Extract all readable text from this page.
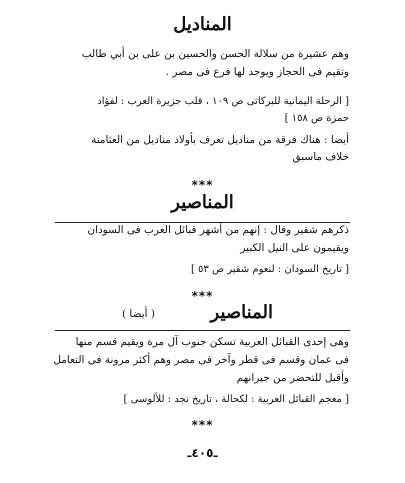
المناديل
وهم عشيرة من سلالة الحسن والحسين بن على بن أبي طالب
وتقيم فى الحجاز ويوجد لها فرع فى مصر .
[ الرحلة اليمانية للبركاتى ص ١٠٩ ، قلب جزيرة العرب : لفؤاد
حمزة ص ١٥٨ ]
أيضا : هناك فرقة من مناديل تعرف بأولاد مناديل من العثامنة
خلاف ماسبق
***
المناصير
ذكرهم شقير وقال : إنهم من أشهر قبائل العرب فى السودان
ويقيمون على النيل الكبير
[ تاريخ السودان : لنعوم شقير ص ٥٣ ]
***
المناصير
( أيضا )
وهى إحدى القبائل العربية تسكن جنوب آل مرة ويقيم قسم منها
فى عمان وقسم فى قطر وآخر فى مصر وهم أكثر مرونة فى التعامل
وأقبل للتحضر من جيرانهم
[ معجم القبائل العربية : لكحالة ، تاريخ نجد : للألوسى ]
***
ـ٤٠٥ـ
